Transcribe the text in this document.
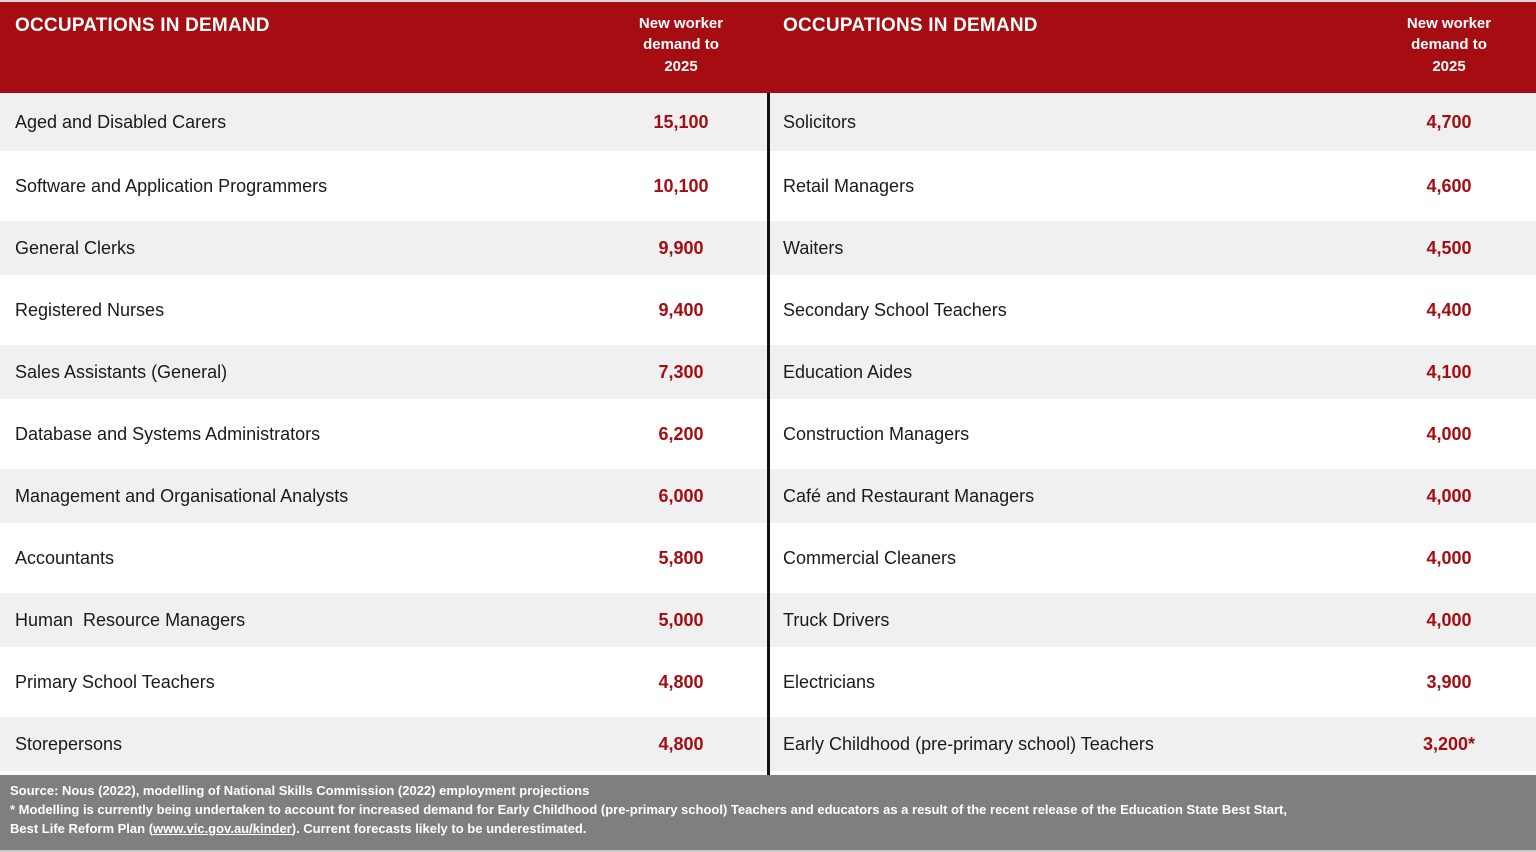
OCCUPATIONS IN DEMAND	New worker demand to 2025
Aged and Disabled Carers	15,100
Software and Application Programmers	10,100
General Clerks	9,900
Registered Nurses	9,400
Sales Assistants (General)	7,300
Database and Systems Administrators	6,200
Management and Organisational Analysts	6,000
Accountants	5,800
Human  Resource Managers	5,000
Primary School Teachers	4,800
Storepersons	4,800
OCCUPATIONS IN DEMAND	New worker demand to 2025
Solicitors	4,700
Retail Managers	4,600
Waiters	4,500
Secondary School Teachers	4,400
Education Aides	4,100
Construction Managers	4,000
Café and Restaurant Managers	4,000
Commercial Cleaners	4,000
Truck Drivers	4,000
Electricians	3,900
Early Childhood (pre-primary school) Teachers	3,200*

Source: Nous (2022), modelling of National Skills Commission (2022) employment projections

* Modelling is currently being undertaken to account for increased demand for Early Childhood (pre-primary school) Teachers and educators as a result of the recent release of the Education State Best Start,

Best Life Reform Plan (www.vic.gov.au/kinder). Current forecasts likely to be underestimated.
